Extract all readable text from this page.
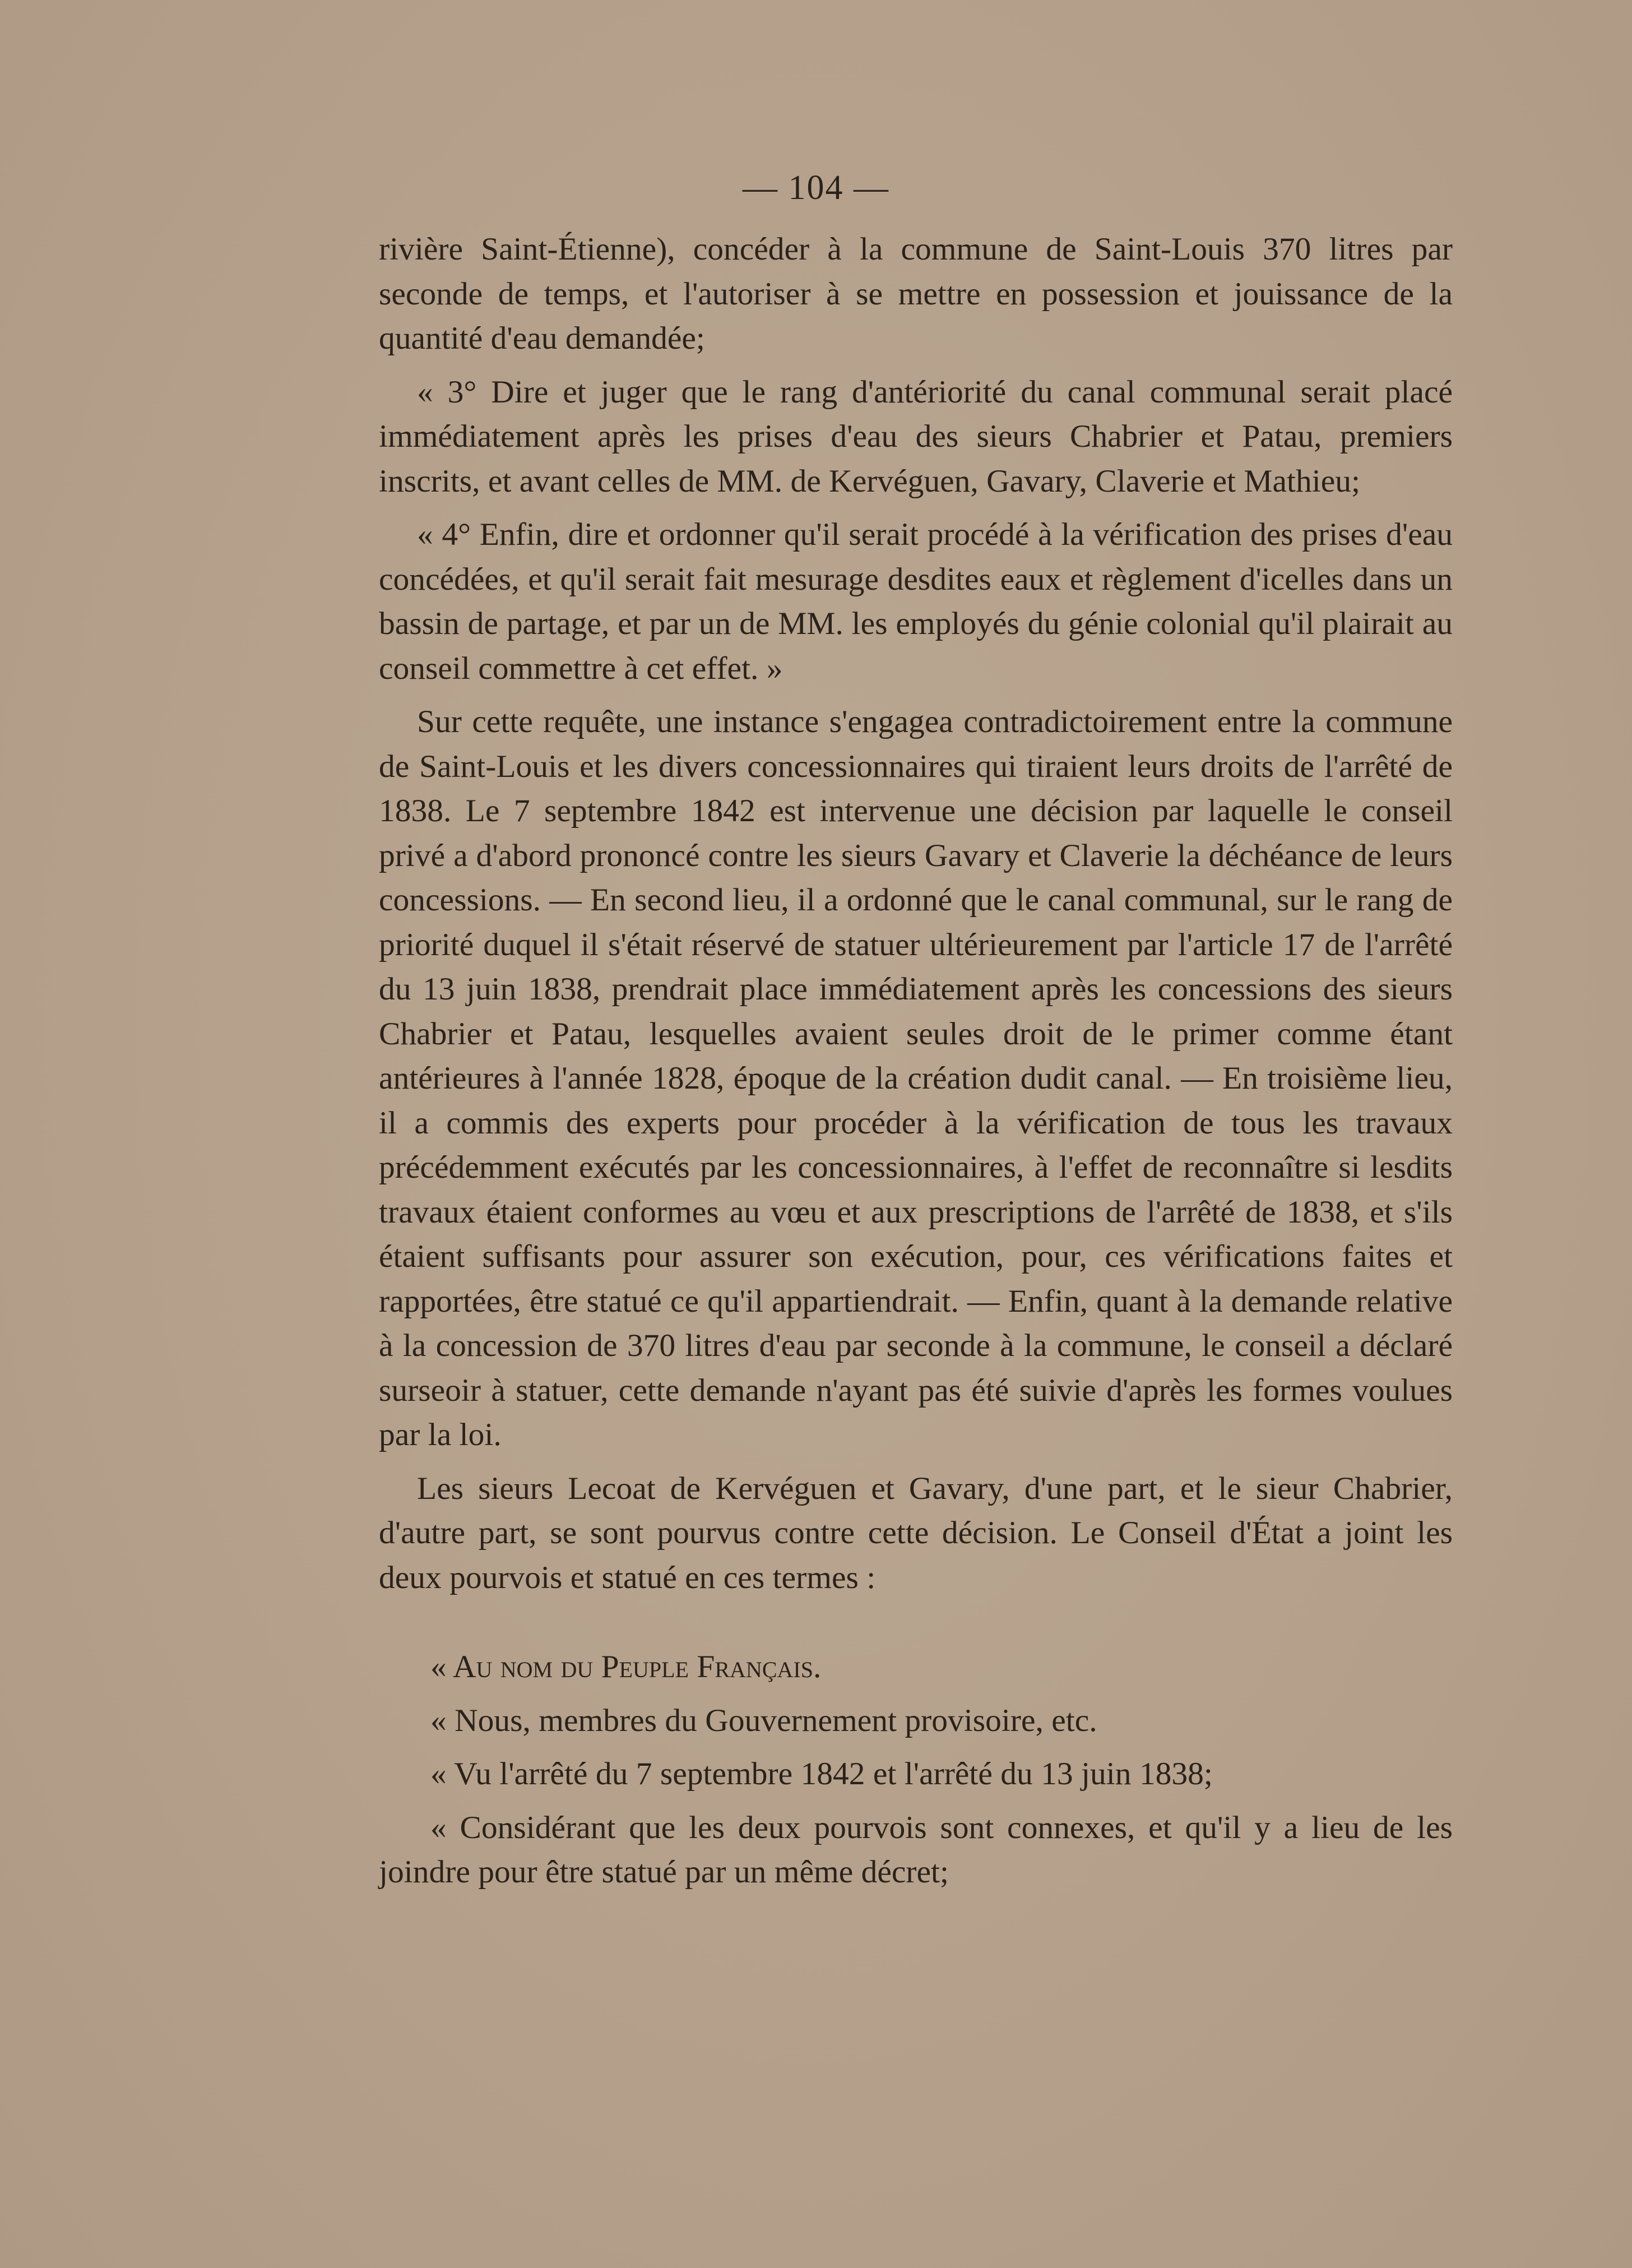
— 104 —

rivière Saint-Étienne), concéder à la commune de Saint-Louis 370 litres par seconde de temps, et l'autoriser à se mettre en possession et jouissance de la quantité d'eau demandée;

« 3° Dire et juger que le rang d'antériorité du canal communal serait placé immédiatement après les prises d'eau des sieurs Chabrier et Patau, premiers inscrits, et avant celles de MM. de Kervéguen, Gavary, Claverie et Mathieu;

« 4° Enfin, dire et ordonner qu'il serait procédé à la vérification des prises d'eau concédées, et qu'il serait fait mesurage desdites eaux et règlement d'icelles dans un bassin de partage, et par un de MM. les employés du génie colonial qu'il plairait au conseil commettre à cet effet. »

Sur cette requête, une instance s'engagea contradictoirement entre la commune de Saint-Louis et les divers concessionnaires qui tiraient leurs droits de l'arrêté de 1838. Le 7 septembre 1842 est intervenue une décision par laquelle le conseil privé a d'abord prononcé contre les sieurs Gavary et Claverie la déchéance de leurs concessions. — En second lieu, il a ordonné que le canal communal, sur le rang de priorité duquel il s'était réservé de statuer ultérieurement par l'article 17 de l'arrêté du 13 juin 1838, prendrait place immédiatement après les concessions des sieurs Chabrier et Patau, lesquelles avaient seules droit de le primer comme étant antérieures à l'année 1828, époque de la création dudit canal. — En troisième lieu, il a commis des experts pour procéder à la vérification de tous les travaux précédemment exécutés par les concessionnaires, à l'effet de reconnaître si lesdits travaux étaient conformes au vœu et aux prescriptions de l'arrêté de 1838, et s'ils étaient suffisants pour assurer son exécution, pour, ces vérifications faites et rapportées, être statué ce qu'il appartiendrait. — Enfin, quant à la demande relative à la concession de 370 litres d'eau par seconde à la commune, le conseil a déclaré surseoir à statuer, cette demande n'ayant pas été suivie d'après les formes voulues par la loi.

Les sieurs Lecoat de Kervéguen et Gavary, d'une part, et le sieur Chabrier, d'autre part, se sont pourvus contre cette décision. Le Conseil d'État a joint les deux pourvois et statué en ces termes :

« Au nom du Peuple Français.

« Nous, membres du Gouvernement provisoire, etc.

« Vu l'arrêté du 7 septembre 1842 et l'arrêté du 13 juin 1838;

« Considérant que les deux pourvois sont connexes, et qu'il y a lieu de les joindre pour être statué par un même décret;
